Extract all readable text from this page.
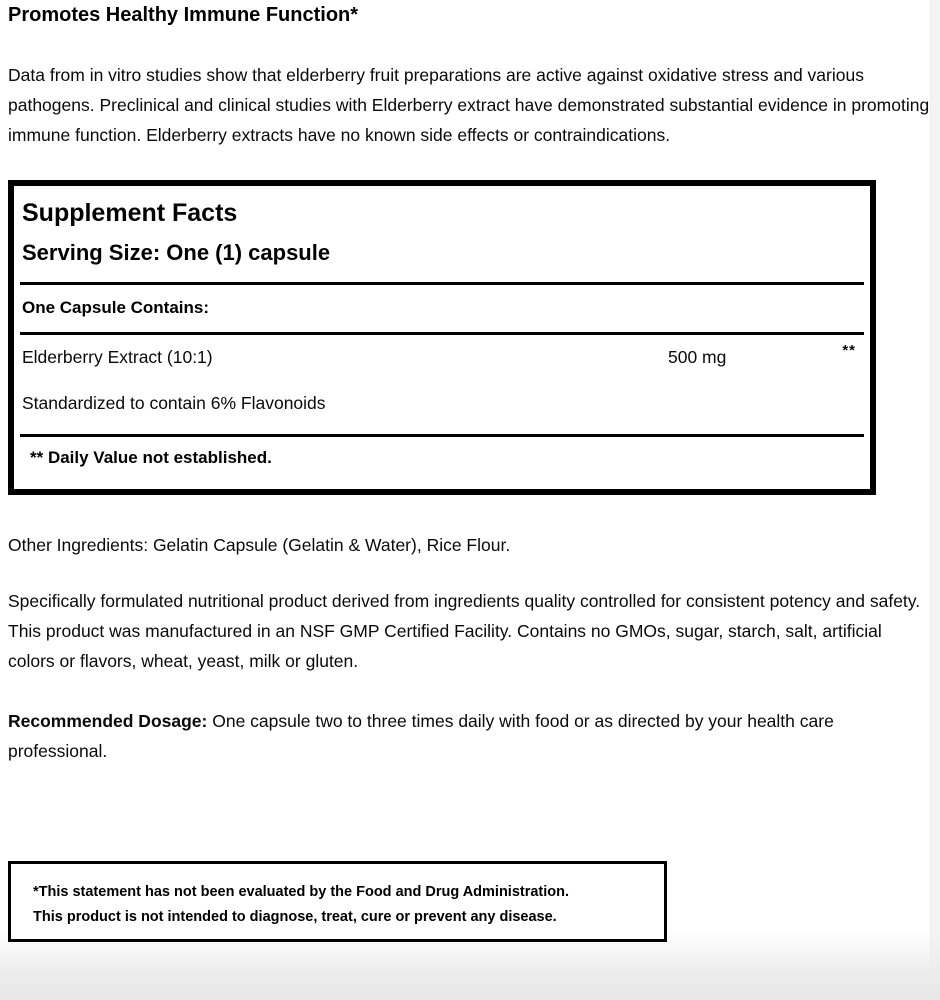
Promotes Healthy Immune Function*

Data from in vitro studies show that elderberry fruit preparations are active against oxidative stress and various pathogens. Preclinical and clinical studies with Elderberry extract have demonstrated substantial evidence in promoting immune function. Elderberry extracts have no known side effects or contraindications.

Supplement Facts
Serving Size: One (1) capsule
One Capsule Contains:
Elderberry Extract (10:1)	500 mg	**
Standardized to contain 6% Flavonoids
** Daily Value not established.

Other Ingredients: Gelatin Capsule (Gelatin & Water), Rice Flour.

Specifically formulated nutritional product derived from ingredients quality controlled for consistent potency and safety. This product was manufactured in an NSF GMP Certified Facility. Contains no GMOs, sugar, starch, salt, artificial colors or flavors, wheat, yeast, milk or gluten.

Recommended Dosage: One capsule two to three times daily with food or as directed by your health care professional.

*This statement has not been evaluated by the Food and Drug Administration.

This product is not intended to diagnose, treat, cure or prevent any disease.
